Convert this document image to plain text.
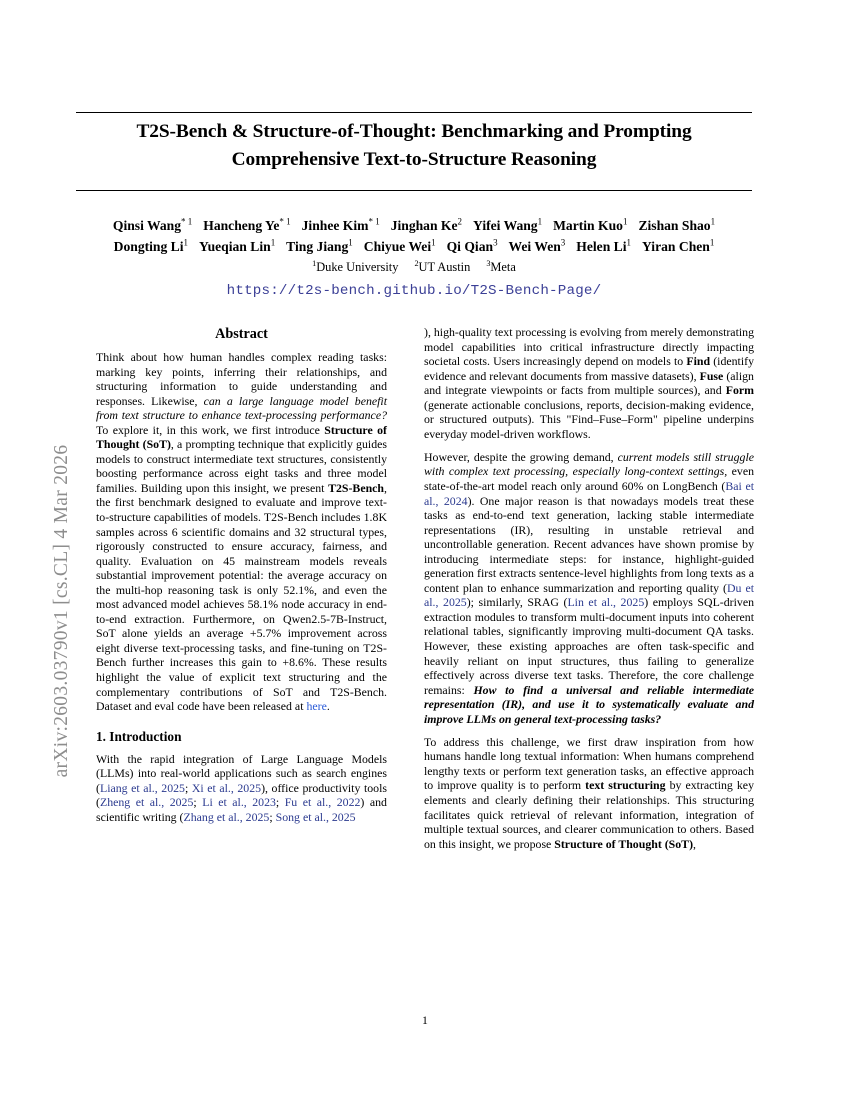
arXiv:2603.03790v1 [cs.CL] 4 Mar 2026
T2S-Bench & Structure-of-Thought: Benchmarking and Prompting
Comprehensive Text-to-Structure Reasoning
Qinsi Wang$^{* 1}$ Hancheng Ye$^{* 1}$ Jinhee Kim$^{* 1}$ Jinghan Ke$^2$ Yifei Wang$^1$ Martin Kuo$^1$ Zishan Shao$^1$
Dongting Li$^1$ Yueqian Lin$^1$ Ting Jiang$^1$ Chiyue Wei$^1$ Qi Qian$^3$ Wei Wen$^3$ Helen Li$^1$ Yiran Chen$^1$
$^1$Duke University $^2$UT Austin $^3$Meta
https://t2s-bench.github.io/T2S-Bench-Page/
Abstract

Think about how human handles complex reading tasks: marking key points, inferring their relationships, and structuring information to guide understanding and responses. Likewise, can a large language model benefit from text structure to enhance text-processing performance? To explore it, in this work, we first introduce Structure of Thought (SoT), a prompting technique that explicitly guides models to construct intermediate text structures, consistently boosting performance across eight tasks and three model families. Building upon this insight, we present T2S-Bench, the first benchmark designed to evaluate and improve text-to-structure capabilities of models. T2S-Bench includes 1.8K samples across 6 scientific domains and 32 structural types, rigorously constructed to ensure accuracy, fairness, and quality. Evaluation on 45 mainstream models reveals substantial improvement potential: the average accuracy on the multi-hop reasoning task is only 52.1%, and even the most advanced model achieves 58.1% node accuracy in end-to-end extraction. Furthermore, on Qwen2.5-7B-Instruct, SoT alone yields an average +5.7% improvement across eight diverse text-processing tasks, and fine-tuning on T2S-Bench further increases this gain to +8.6%. These results highlight the value of explicit text structuring and the complementary contributions of SoT and T2S-Bench. Dataset and eval code have been released at here.

1. Introduction

With the rapid integration of Large Language Models (LLMs) into real-world applications such as search engines (Liang et al., 2025; Xi et al., 2025), office productivity tools (Zheng et al., 2025; Li et al., 2023; Fu et al., 2022) and scientific writing (Zhang et al., 2025; Song et al., 2025

), high-quality text processing is evolving from merely demonstrating model capabilities into critical infrastructure directly impacting societal costs. Users increasingly depend on models to Find (identify evidence and relevant documents from massive datasets), Fuse (align and integrate viewpoints or facts from multiple sources), and Form (generate actionable conclusions, reports, decision-making evidence, or structured outputs). This "Find–Fuse–Form" pipeline underpins everyday model-driven workflows.

However, despite the growing demand, current models still struggle with complex text processing, especially long-context settings, even state-of-the-art model reach only around 60% on LongBench (Bai et al., 2024). One major reason is that nowadays models treat these tasks as end-to-end text generation, lacking stable intermediate representations (IR), resulting in unstable retrieval and uncontrollable generation. Recent advances have shown promise by introducing intermediate steps: for instance, highlight-guided generation first extracts sentence-level highlights from long texts as a content plan to enhance summarization and reporting quality (Du et al., 2025); similarly, SRAG (Lin et al., 2025) employs SQL-driven extraction modules to transform multi-document inputs into coherent relational tables, significantly improving multi-document QA tasks. However, these existing approaches are often task-specific and heavily reliant on input structures, thus failing to generalize effectively across diverse text tasks. Therefore, the core challenge remains: How to find a universal and reliable intermediate representation (IR), and use it to systematically evaluate and improve LLMs on general text-processing tasks?

To address this challenge, we first draw inspiration from how humans handle long textual information: When humans comprehend lengthy texts or perform text generation tasks, an effective approach to improve quality is to perform text structuring by extracting key elements and clearly defining their relationships. This structuring facilitates quick retrieval of relevant information, integration of multiple textual sources, and clearer communication to others. Based on this insight, we propose Structure of Thought (SoT),

1
